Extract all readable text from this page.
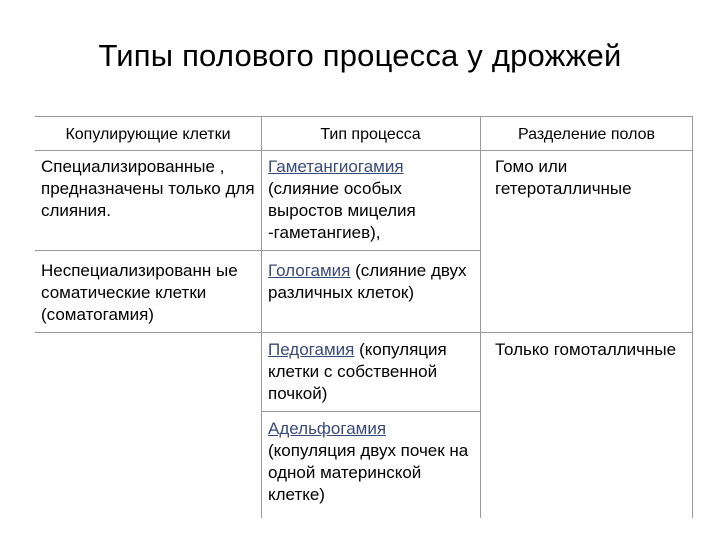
Типы полового процесса у дрожжей
Копулирующие клетки	Тип процесса	Разделение полов
Специализированные , предназначены только для слияния.
Неспециализированн ые соматические клетки (соматогамия)
Гаметангиогамия (слияние особых выростов мицелия -гаметангиев),
Гологамия (слияние двух различных клеток)
Педогамия (копуляция клетки с собственной почкой)
Адельфогамия (копуляция двух почек на одной материнской клетке)
Гомо или гетероталличные
Только гомоталличные
